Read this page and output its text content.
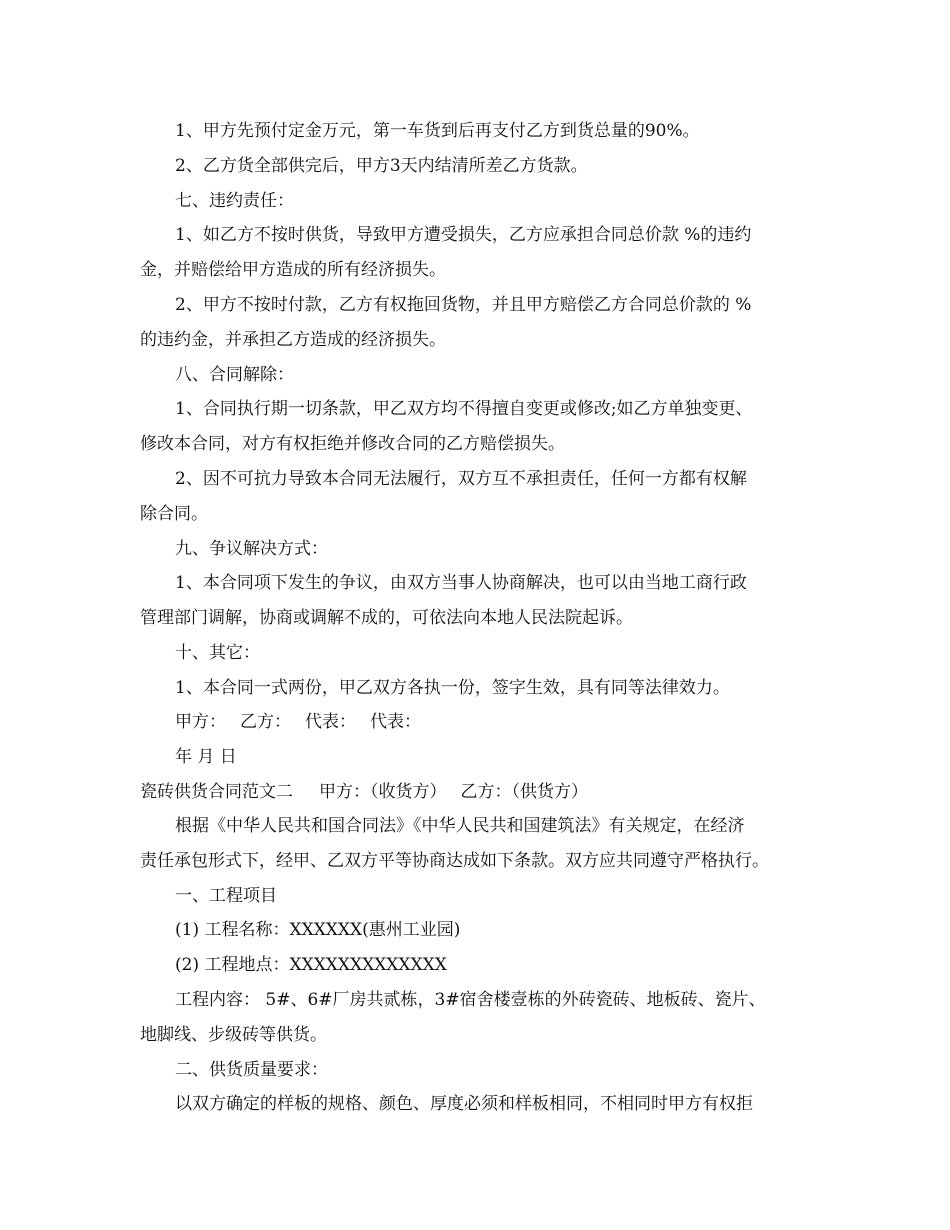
1、甲方先预付定金万元，第一车货到后再支付乙方到货总量的90%。
2、乙方货全部供完后，甲方3天内结清所差乙方货款。
七、违约责任：
1、如乙方不按时供货，导致甲方遭受损失，乙方应承担合同总价款 %的违约
金，并赔偿给甲方造成的所有经济损失。
2、甲方不按时付款，乙方有权拖回货物，并且甲方赔偿乙方合同总价款的 %
的违约金，并承担乙方造成的经济损失。
八、合同解除：
1、合同执行期一切条款，甲乙双方均不得擅自变更或修改;如乙方单独变更、
修改本合同，对方有权拒绝并修改合同的乙方赔偿损失。
2、因不可抗力导致本合同无法履行，双方互不承担责任，任何一方都有权解
除合同。
九、争议解决方式：
1、本合同项下发生的争议，由双方当事人协商解决，也可以由当地工商行政
管理部门调解，协商或调解不成的，可依法向本地人民法院起诉。
十、其它：
1、本合同一式两份，甲乙双方各执一份，签字生效，具有同等法律效力。
甲方： 乙方： 代表： 代表：
年 月 日
瓷砖供货合同范文二 甲方：（收货方） 乙方：（供货方）
根据《中华人民共和国合同法》《中华人民共和国建筑法》有关规定，在经济
责任承包形式下，经甲、乙双方平等协商达成如下条款。双方应共同遵守严格执行。
一、工程项目
(1) 工程名称：XXXXXX(惠州工业园)
(2) 工程地点：XXXXXXXXXXXXX
工程内容： 5#、6#厂房共贰栋，3#宿舍楼壹栋的外砖瓷砖、地板砖、瓷片、
地脚线、步级砖等供货。
二、供货质量要求：
以双方确定的样板的规格、颜色、厚度必须和样板相同，不相同时甲方有权拒
